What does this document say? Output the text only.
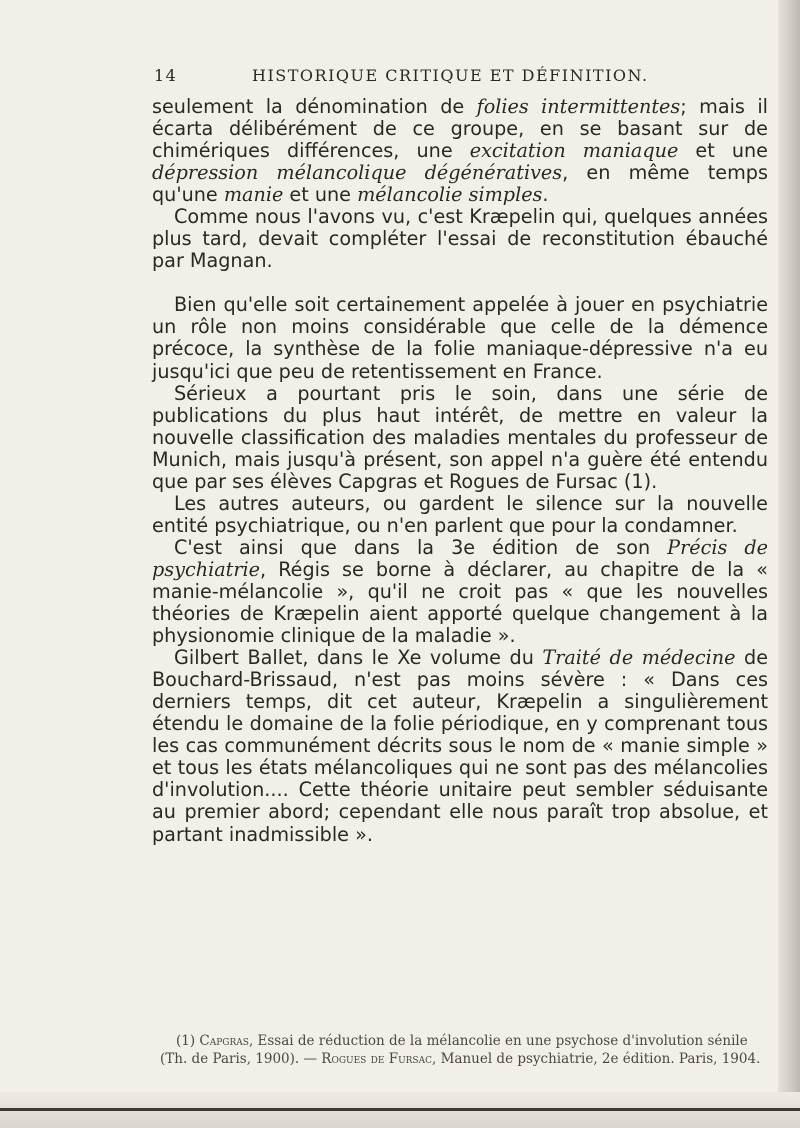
14	HISTORIQUE CRITIQUE ET DÉFINITION.

seulement la dénomination de folies intermittentes; mais il écarta délibérément de ce groupe, en se basant sur de chimériques différences, une excitation maniaque et une dépression mélancolique dégénératives, en même temps qu'une manie et une mélancolie simples.

Comme nous l'avons vu, c'est Kræpelin qui, quelques années plus tard, devait compléter l'essai de reconstitution ébauché par Magnan.

Bien qu'elle soit certainement appelée à jouer en psychiatrie un rôle non moins considérable que celle de la démence précoce, la synthèse de la folie maniaque-dépressive n'a eu jusqu'ici que peu de retentissement en France.

Sérieux a pourtant pris le soin, dans une série de publications du plus haut intérêt, de mettre en valeur la nouvelle classification des maladies mentales du professeur de Munich, mais jusqu'à présent, son appel n'a guère été entendu que par ses élèves Capgras et Rogues de Fursac (1).

Les autres auteurs, ou gardent le silence sur la nouvelle entité psychiatrique, ou n'en parlent que pour la condamner.

C'est ainsi que dans la 3e édition de son Précis de psychiatrie, Régis se borne à déclarer, au chapitre de la « manie-mélancolie », qu'il ne croit pas « que les nouvelles théories de Kræpelin aient apporté quelque changement à la physionomie clinique de la maladie ».

Gilbert Ballet, dans le Xe volume du Traité de médecine de Bouchard-Brissaud, n'est pas moins sévère : « Dans ces derniers temps, dit cet auteur, Kræpelin a singulièrement étendu le domaine de la folie périodique, en y comprenant tous les cas communément décrits sous le nom de « manie simple » et tous les états mélancoliques qui ne sont pas des mélancolies d'involution.... Cette théorie unitaire peut sembler séduisante au premier abord; cependant elle nous paraît trop absolue, et partant inadmissible ».

(1) Capgras, Essai de réduction de la mélancolie en une psychose d'involution sénile (Th. de Paris, 1900). — Rogues de Fursac, Manuel de psychiatrie, 2e édition. Paris, 1904.
